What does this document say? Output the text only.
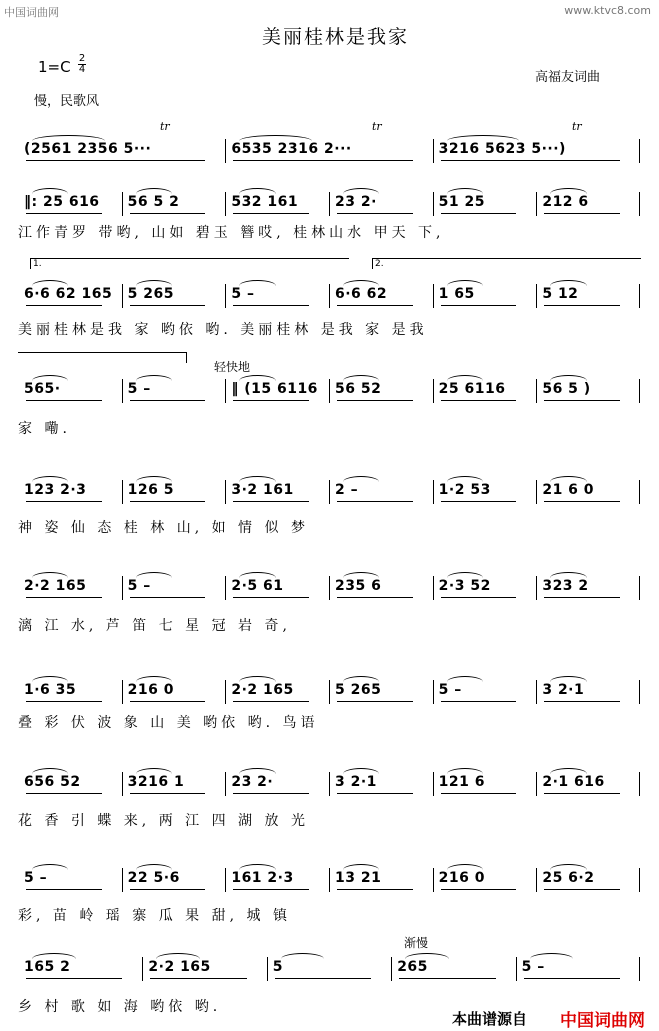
中国词曲网	www.ktvc8.com
美丽桂林是我家
1=C 2
4
慢，民歌风
高福友词曲
tr	tr	tr
轻快地
渐慢
1.	2.
(2561 2356 5···	6535 2316 2···	3216 5623 5···)
‖: 25 616 56 5 2	532 161	23 2·	51 25	212 6
6·6 62 165 5 265	5 –	6·6 62	1 65	5 12
565·	5 –	‖ (15 6116 56 52	25 6116	56 5 )
123 2·3	126 5	3·2 161	2 –	1·2 53	21 6 0
2·2 165	5 –	2·5 61	235 6	2·3 52	323 2
1·6 35	216 0	2·2 165	5 265	5 –	3 2·1
656 52	3216 1	23 2·	3 2·1	121 6	2·1 616
5 –	22 5·6	161 2·3	13 21	216 0	25 6·2
165 2	2·2 165	5	265	5 –
江作青罗 带哟, 山如 碧玉 簪哎, 桂林山水 甲天 下,
美丽桂林是我 家 哟依 哟. 美丽桂林 是我 家 是我
家 嘞.
神 姿 仙 态 桂 林 山, 如 情 似 梦
漓 江 水, 芦 笛 七 星 冠 岩 奇,
叠 彩 伏 波 象 山 美 哟依 哟. 鸟语
花 香 引 蝶 来, 两 江 四 湖 放 光
彩, 苗 岭 瑶 寨 瓜 果 甜, 城 镇
乡 村 歌 如 海 哟依 哟.
本曲谱源自 中国词曲网
